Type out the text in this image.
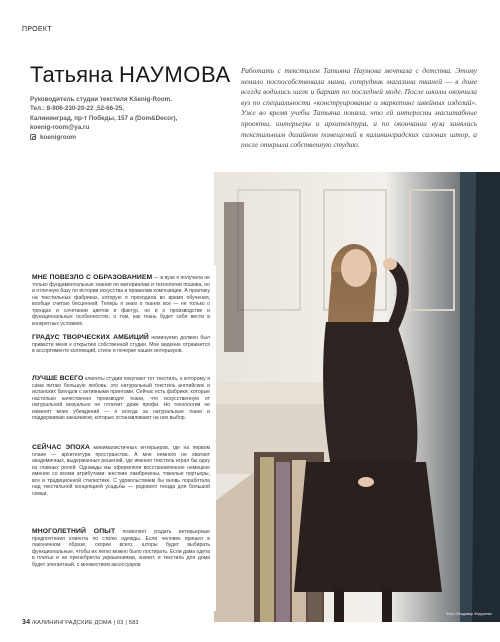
ПРОЕКТ
Татьяна НАУМОВА
Руководитель студии текстиля Kšenig-Room.
Тел.: 8-906-230-20-22 ,52-66-25,
Калининград, пр-т Победы, 157 а (Dom&Decor),
koenig-room@ya.ru
koenigroom

Работать с текстилем Татьяна Наумова мечтала с детства. Этому немало поспособствовала мама, сотрудник магазина тканей — в доме всегда водились шелк и бархат по последней моде. После школы окончила вуз по специальности «конструирование и маркетинг швейных изделий». Уже во время учебы Татьяна поняла, что ей интересны масштабные проекты, интерьеры и архитектура, и по окончании вуза занялась текстильным дизайном помещений в калининградских салонах штор, а после открыла собственную студию.

Фото: Владимир Федоренко

МНЕ ПОВЕЗЛО С ОБРАЗОВАНИЕМ — в вузе я получила не только фундаментальные знания по материалам и технологии пошива, но и отличную базу по истории искусства и правилам композиции. А практику на текстильных фабриках, которую я проходила во время обучения, вообще считаю бесценной. Теперь я знаю о тканях все — не только о трендах и сочетании цветов и фактур, но и о производстве и функциональных особенностях, о том, как ткань будет себя вести в конкретных условиях.

ГРАДУС ТВОРЧЕСКИХ АМБИЦИЙ неминуемо должен был привести меня к открытию собственной студии. Мое видение отражается в ассортименте коллекций, стиле и почерке наших интерьеров.

ЛУЧШЕ ВСЕГО клиенты студии покупают тот текстиль, к которому я сама питаю большую любовь: это натуральный текстиль английских и испанских брендов с активными принтами. Сейчас есть фабрики, которые настолько качественно производят ткани, что искусственную от натуральной визуально не отличит даже профи. Но технологии не изменят моих убеждений — я всегда за натуральные ткани и поддерживаю заказчиков, которые останавливают на них выбор.

СЕЙЧАС ЭПОХА минималистичных интерьеров, где на первом плане — архитектура пространства. А мне немного не хватает академичных, выдержанных решений, где именно текстиль играл бы одну из главных ролей. Однажды мы оформляли восстановленное немецкое имение со всеми атрибутами: жесткие ламбрекены, тяжелые портьеры, все в традиционной стилистике. С удовольствием бы вновь поработала над текстильной концепцией усадьбы — родового гнезда для большой семьи.

МНОГОЛЕТНИЙ ОПЫТ позволяет угадать интерьерные предпочтения клиента по стилю одежды. Если человек пришел в лаконичном образе, скорее всего, шторы будет выбирать функциональные, чтобы их легко можно было постирать. Если дама одета в платье и не пренебрегла украшениями, значит, и текстиль для дома будет элегантный, с множеством аксессуаров

34 /КАЛИНИНГРАДСКИЕ ДОМА | 03 | 583
